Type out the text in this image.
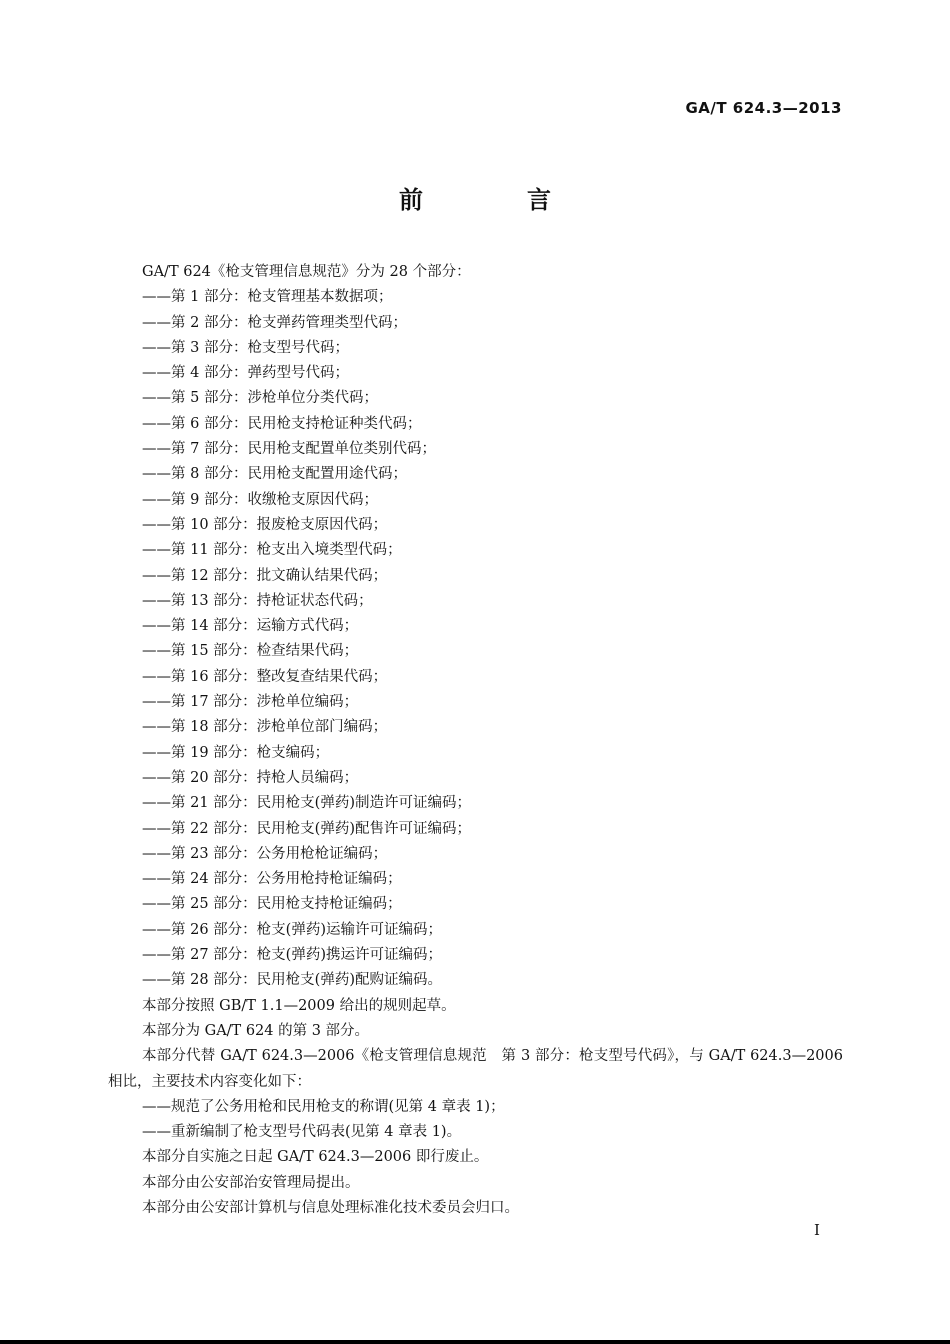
GA/T 624.3—2013
前　言

GA/T 624《枪支管理信息规范》分为 28 个部分：

——第 1 部分：枪支管理基本数据项；

——第 2 部分：枪支弹药管理类型代码；

——第 3 部分：枪支型号代码；

——第 4 部分：弹药型号代码；

——第 5 部分：涉枪单位分类代码；

——第 6 部分：民用枪支持枪证种类代码；

——第 7 部分：民用枪支配置单位类别代码；

——第 8 部分：民用枪支配置用途代码；

——第 9 部分：收缴枪支原因代码；

——第 10 部分：报废枪支原因代码；

——第 11 部分：枪支出入境类型代码；

——第 12 部分：批文确认结果代码；

——第 13 部分：持枪证状态代码；

——第 14 部分：运输方式代码；

——第 15 部分：检查结果代码；

——第 16 部分：整改复查结果代码；

——第 17 部分：涉枪单位编码；

——第 18 部分：涉枪单位部门编码；

——第 19 部分：枪支编码；

——第 20 部分：持枪人员编码；

——第 21 部分：民用枪支(弹药)制造许可证编码；

——第 22 部分：民用枪支(弹药)配售许可证编码；

——第 23 部分：公务用枪枪证编码；

——第 24 部分：公务用枪持枪证编码；

——第 25 部分：民用枪支持枪证编码；

——第 26 部分：枪支(弹药)运输许可证编码；

——第 27 部分：枪支(弹药)携运许可证编码；

——第 28 部分：民用枪支(弹药)配购证编码。

本部分按照 GB/T 1.1—2009 给出的规则起草。

本部分为 GA/T 624 的第 3 部分。

本部分代替 GA/T 624.3—2006《枪支管理信息规范　第 3 部分：枪支型号代码》，与 GA/T 624.3—2006 相比，主要技术内容变化如下：

——规范了公务用枪和民用枪支的称谓(见第 4 章表 1)；

——重新编制了枪支型号代码表(见第 4 章表 1)。

本部分自实施之日起 GA/T 624.3—2006 即行废止。

本部分由公安部治安管理局提出。

本部分由公安部计算机与信息处理标准化技术委员会归口。

I
